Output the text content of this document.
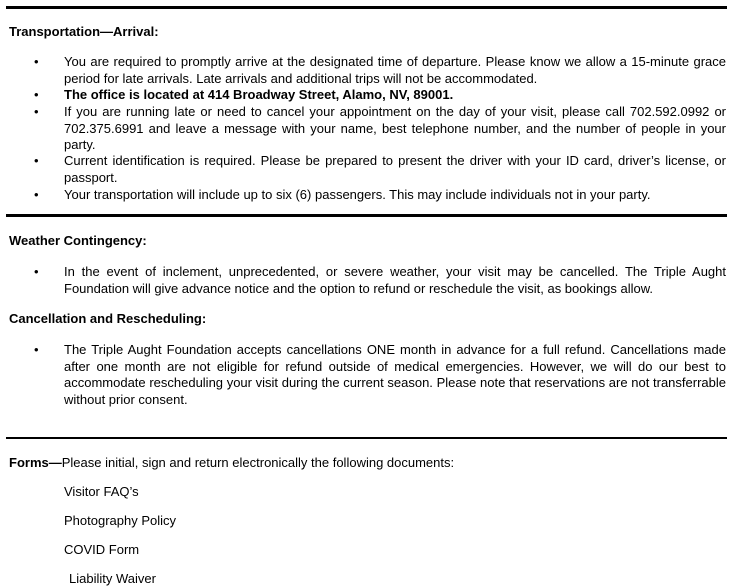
Transportation—Arrival:
•	You are required to promptly arrive at the designated time of departure. Please know we allow a 15-minute grace period for late arrivals. Late arrivals and additional trips will not be accommodated.
•	The office is located at 414 Broadway Street, Alamo, NV, 89001.
•	If you are running late or need to cancel your appointment on the day of your visit, please call 702.592.0992 or 702.375.6991 and leave a message with your name, best telephone number, and the number of people in your party.
•	Current identification is required. Please be prepared to present the driver with your ID card, driver’s license, or passport.
•	Your transportation will include up to six (6) passengers. This may include individuals not in your party.
Weather Contingency:
•	In the event of inclement, unprecedented, or severe weather, your visit may be cancelled. The Triple Aught Foundation will give advance notice and the option to refund or reschedule the visit, as bookings allow.
Cancellation and Rescheduling:
•	The Triple Aught Foundation accepts cancellations ONE month in advance for a full refund. Cancellations made after one month are not eligible for refund outside of medical emergencies. However, we will do our best to accommodate rescheduling your visit during the current season. Please note that reservations are not transferrable without prior consent.
Forms—Please initial, sign and return electronically the following documents:
Visitor FAQ’s
Photography Policy
COVID Form
Liability Waiver
